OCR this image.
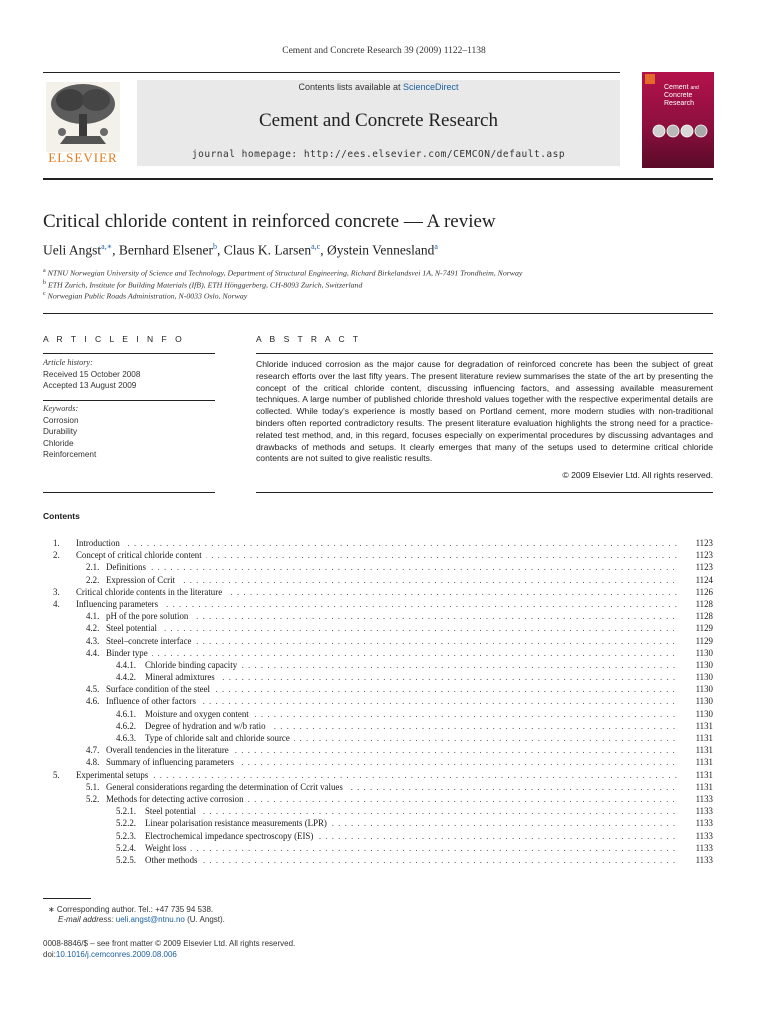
Cement and Concrete Research 39 (2009) 1122–1138
ELSEVIER
Contents lists available at ScienceDirect
Cement and Concrete Research
journal homepage: http://ees.elsevier.com/CEMCON/default.asp
Cement and
Concrete
Research
Critical chloride content in reinforced concrete — A review
Ueli Angst$^{a,∗}$, Bernhard Elsener$^b$, Claus K. Larsen$^{a,c}$, Øystein Vennesland$^a$
$^a$ NTNU Norwegian University of Science and Technology, Department of Structural Engineering, Richard Birkelandsvei 1A, N-7491 Trondheim, Norway
$^b$ ETH Zurich, Institute for Building Materials (IfB), ETH Hönggerberg, CH-8093 Zurich, Switzerland
$^c$ Norwegian Public Roads Administration, N-0033 Oslo, Norway
A R T I C L E I N F O
Article history:
Received 15 October 2008
Accepted 13 August 2009
Keywords:
Corrosion
Durability
Chloride
Reinforcement
A B S T R A C T
Chloride induced corrosion as the major cause for degradation of reinforced concrete has been the subject of great research efforts over the last fifty years. The present literature review summarises the state of the art by presenting the concept of the critical chloride content, discussing influencing factors, and assessing available measurement techniques. A large number of published chloride threshold values together with the respective experimental details are collected. While today's experience is mostly based on Portland cement, more modern studies with non-traditional binders often reported contradictory results. The present literature evaluation highlights the strong need for a practice-related test method, and, in this regard, focuses especially on experimental procedures by discussing advantages and drawbacks of methods and setups. It clearly emerges that many of the setups used to determine critical chloride contents are not suited to give realistic results.
© 2009 Elsevier Ltd. All rights reserved.
Contents
1. Introduction . . .	1123
2. Concept of critical chloride content . . .	1123
2.1. Definitions . . .	1123
2.2. Expression of Ccrit . . .	1124
3. Critical chloride contents in the literature . . .	1126
4. Influencing parameters . . .	1128
4.1. pH of the pore solution . . .	1128
4.2. Steel potential . . .	1129
4.3. Steel–concrete interface . . .	1129
4.4. Binder type . . .	1130
4.4.1. Chloride binding capacity . . .	1130
4.4.2. Mineral admixtures . . .	1130
4.5. Surface condition of the steel . . .	1130
4.6. Influence of other factors . . .	1130
4.6.1. Moisture and oxygen content . . .	1130
4.6.2. Degree of hydration and w/b ratio . . .	1131
4.6.3. Type of chloride salt and chloride source . . .	1131
4.7. Overall tendencies in the literature . . .	1131
4.8. Summary of influencing parameters . . .	1131
5. Experimental setups . . .	1131
5.1. General considerations regarding the determination of Ccrit values . . .	1131
5.2. Methods for detecting active corrosion . . .	1133
5.2.1. Steel potential . . .	1133
5.2.2. Linear polarisation resistance measurements (LPR) . . .	1133
5.2.3. Electrochemical impedance spectroscopy (EIS) . . .	1133
5.2.4. Weight loss . . .	1133
5.2.5. Other methods . . .	1133
∗ Corresponding author. Tel.: +47 735 94 538.
E-mail address: ueli.angst@ntnu.no (U. Angst).
0008-8846/$ – see front matter © 2009 Elsevier Ltd. All rights reserved.
doi:10.1016/j.cemconres.2009.08.006
